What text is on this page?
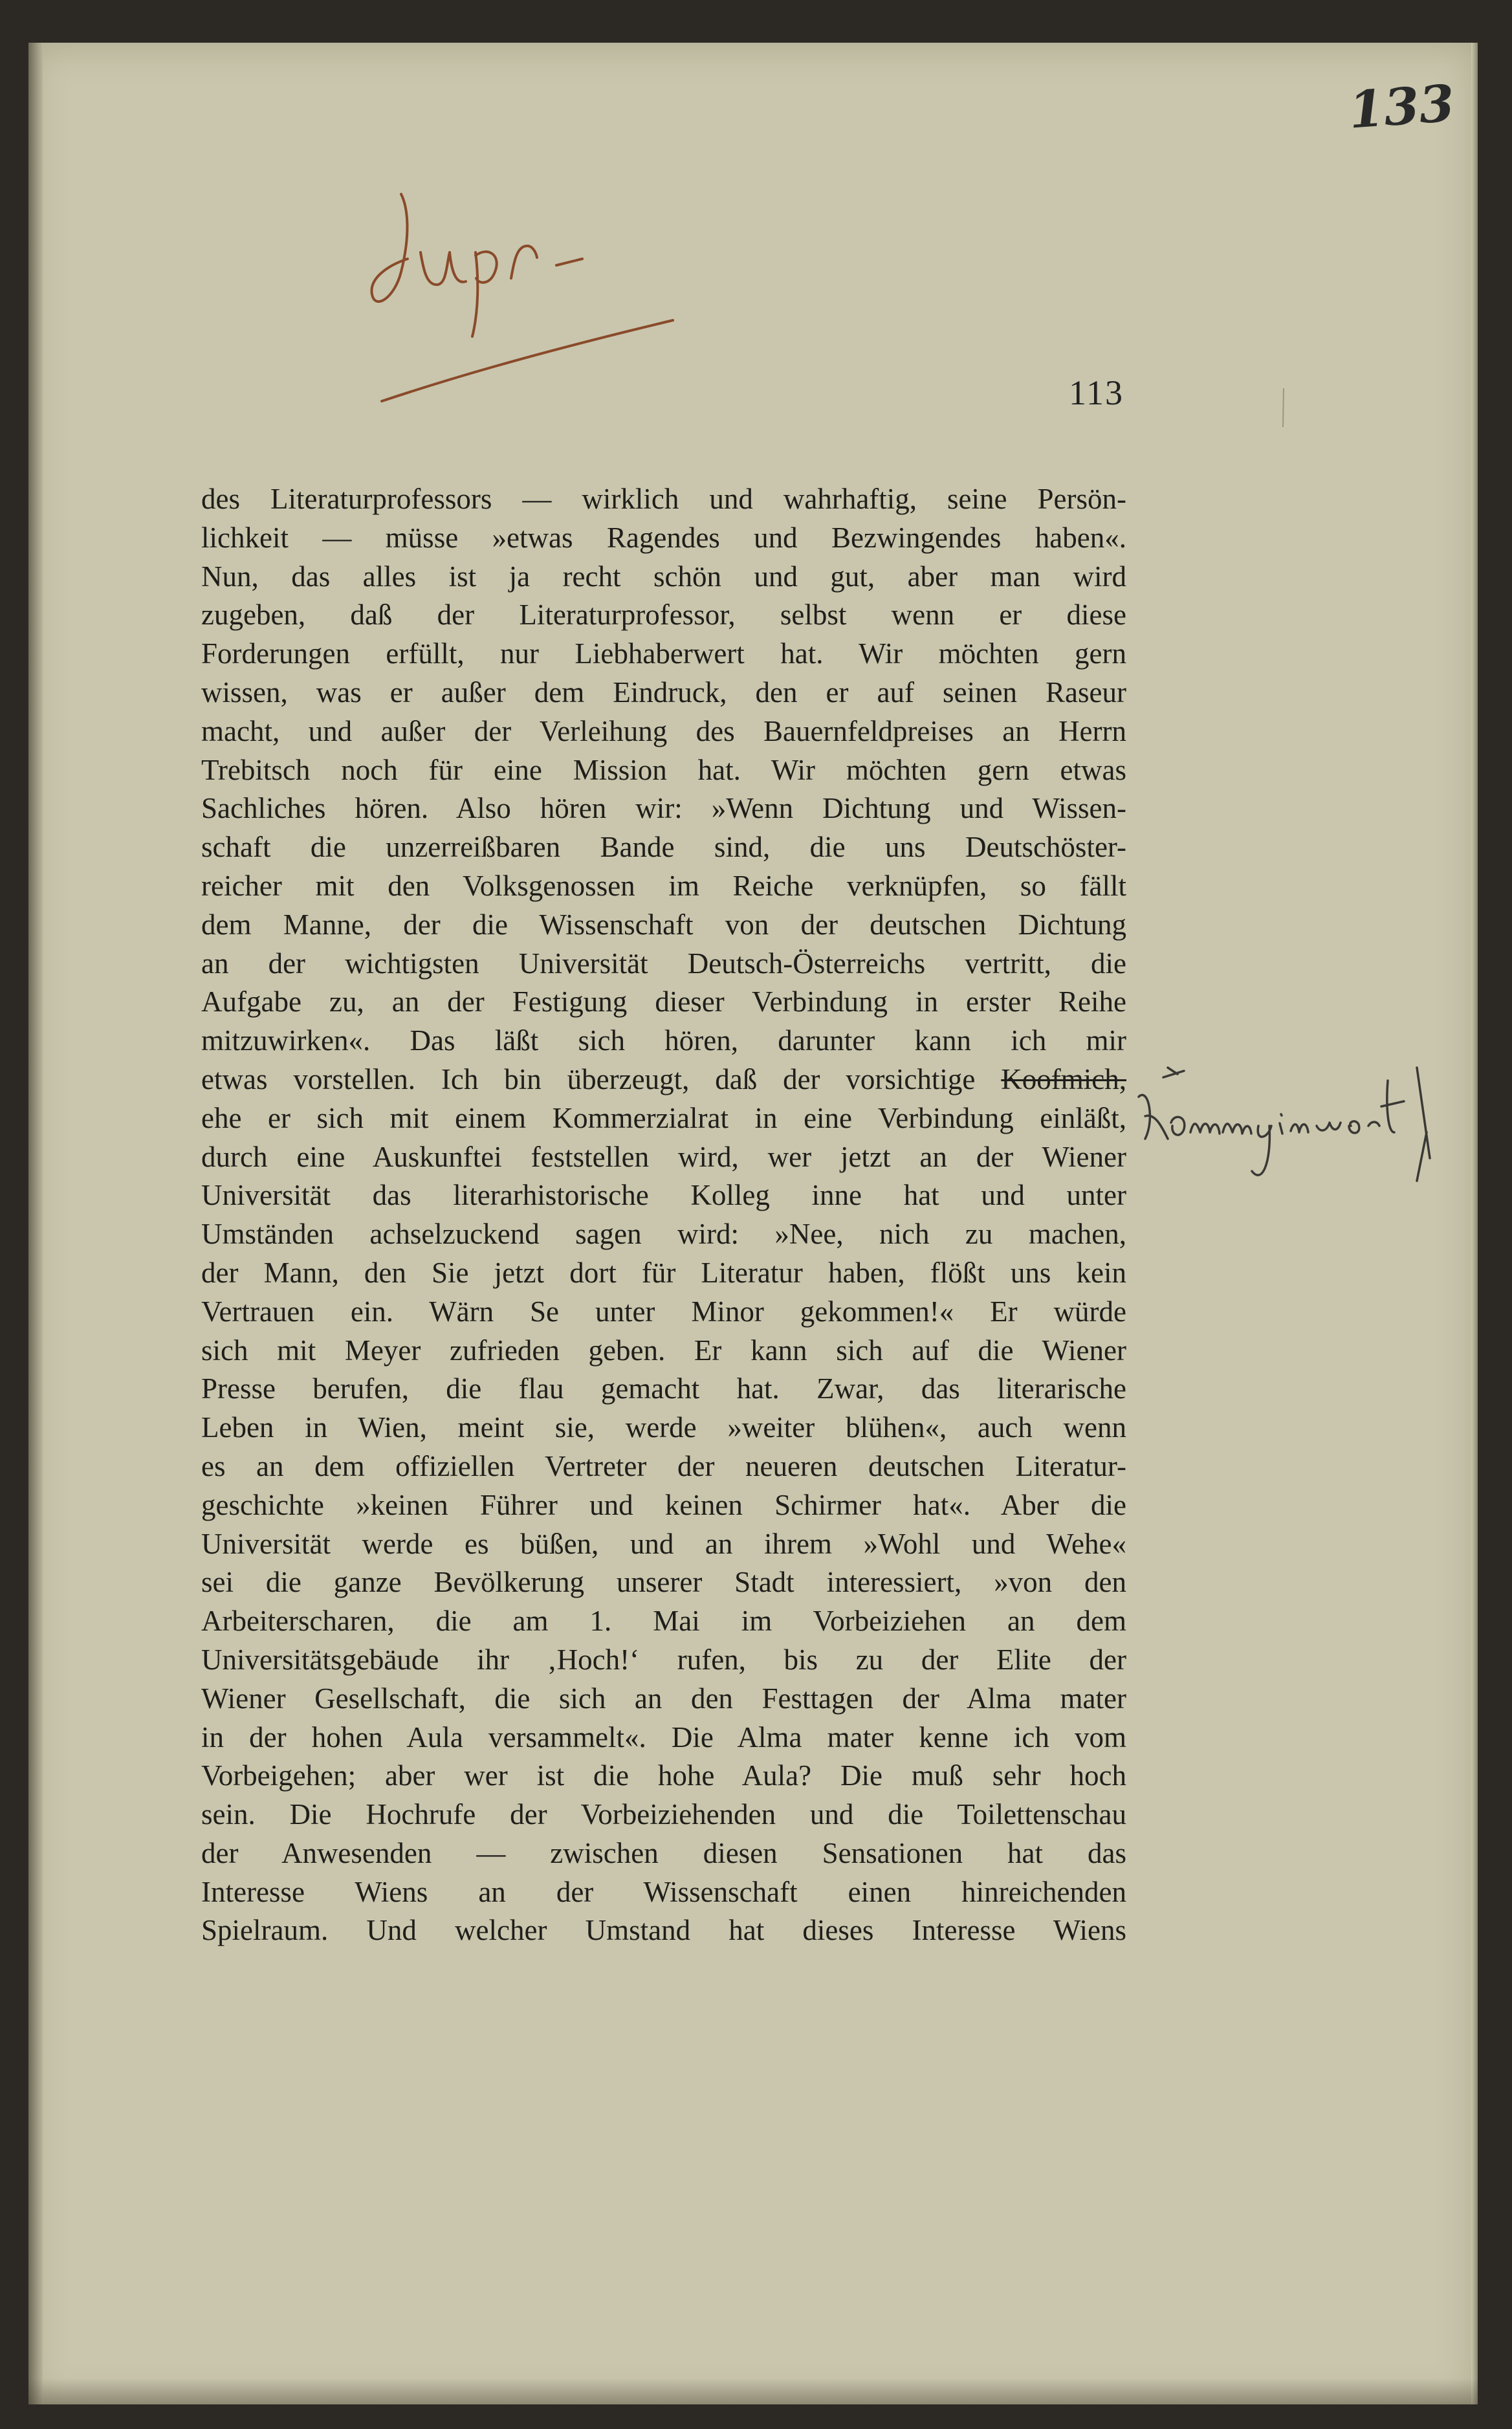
133
113
des Literaturprofessors — wirklich und wahrhaftig, seine Persön-
lichkeit — müsse »etwas Ragendes und Bezwingendes haben«.
Nun, das alles ist ja recht schön und gut, aber man wird
zugeben, daß der Literaturprofessor, selbst wenn er diese
Forderungen erfüllt, nur Liebhaberwert hat. Wir möchten gern
wissen, was er außer dem Eindruck, den er auf seinen Raseur
macht, und außer der Verleihung des Bauernfeldpreises an Herrn
Trebitsch noch für eine Mission hat. Wir möchten gern etwas
Sachliches hören. Also hören wir: »Wenn Dichtung und Wissen-
schaft die unzerreißbaren Bande sind, die uns Deutschöster-
reicher mit den Volksgenossen im Reiche verknüpfen, so fällt
dem Manne, der die Wissenschaft von der deutschen Dichtung
an der wichtigsten Universität Deutsch-Österreichs vertritt, die
Aufgabe zu, an der Festigung dieser Verbindung in erster Reihe
mitzuwirken«. Das läßt sich hören, darunter kann ich mir
etwas vorstellen. Ich bin überzeugt, daß der vorsichtige Koofmich,
ehe er sich mit einem Kommerzialrat in eine Verbindung einläßt,
durch eine Auskunftei feststellen wird, wer jetzt an der Wiener
Universität das literarhistorische Kolleg inne hat und unter
Umständen achselzuckend sagen wird: »Nee, nich zu machen,
der Mann, den Sie jetzt dort für Literatur haben, flößt uns kein
Vertrauen ein. Wärn Se unter Minor gekommen!« Er würde
sich mit Meyer zufrieden geben. Er kann sich auf die Wiener
Presse berufen, die flau gemacht hat. Zwar, das literarische
Leben in Wien, meint sie, werde »weiter blühen«, auch wenn
es an dem offiziellen Vertreter der neueren deutschen Literatur-
geschichte »keinen Führer und keinen Schirmer hat«. Aber die
Universität werde es büßen, und an ihrem »Wohl und Wehe«
sei die ganze Bevölkerung unserer Stadt interessiert, »von den
Arbeiterscharen, die am 1. Mai im Vorbeiziehen an dem
Universitätsgebäude ihr ‚Hoch!‘ rufen, bis zu der Elite der
Wiener Gesellschaft, die sich an den Festtagen der Alma mater
in der hohen Aula versammelt«. Die Alma mater kenne ich vom
Vorbeigehen; aber wer ist die hohe Aula? Die muß sehr hoch
sein. Die Hochrufe der Vorbeiziehenden und die Toilettenschau
der Anwesenden — zwischen diesen Sensationen hat das
Interesse Wiens an der Wissenschaft einen hinreichenden
Spielraum. Und welcher Umstand hat dieses Interesse Wiens
